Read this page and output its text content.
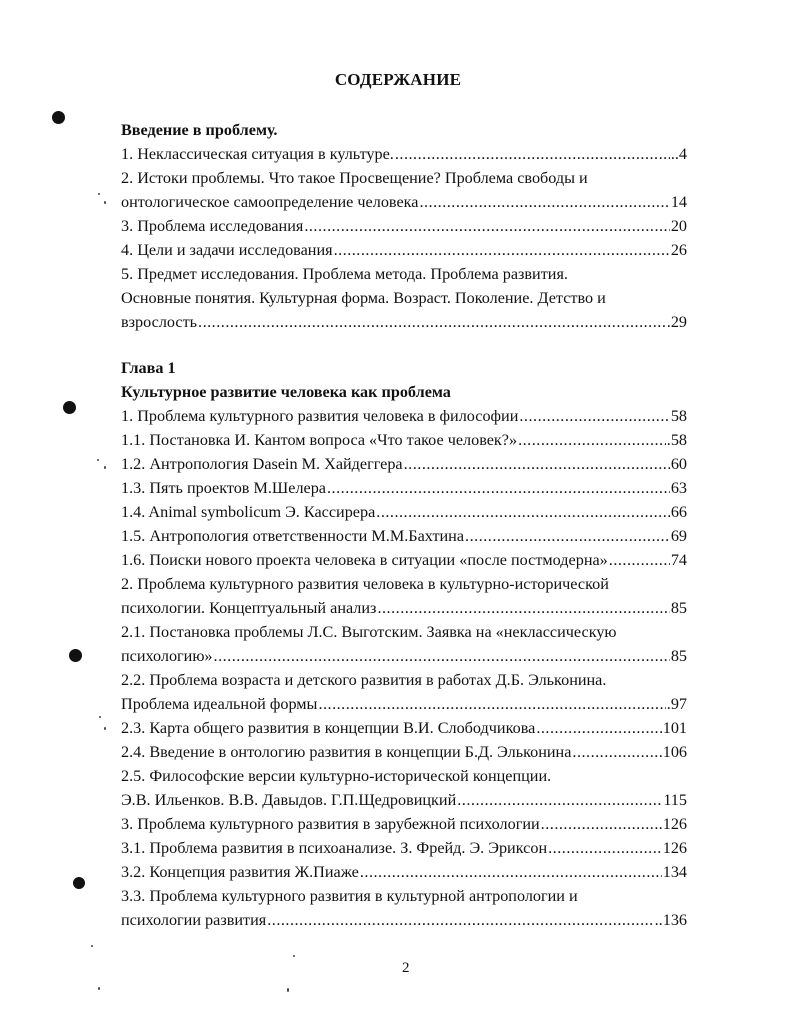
СОДЕРЖАНИЕ
Введение в проблему.
1. Неклассическая ситуация в культуре. .....	..4
2. Истоки проблемы. Что такое Просвещение? Проблема свободы и
онтологическое самоопределение человека .....	14
3. Проблема исследования .....	20
4. Цели и задачи исследования .....	26
5. Предмет исследования. Проблема метода. Проблема развития.
Основные понятия. Культурная форма. Возраст. Поколение. Детство и
взрослость .....	.29
Глава 1
Культурное развитие человека как проблема
1. Проблема культурного развития человека в философии .....	58
1.1. Постановка И. Кантом вопроса «Что такое человек?» .....	.58
1.2. Антропология Dasein М. Хайдеггера .....	60
1.3. Пять проектов М.Шелера .....	63
1.4. Animal symbolicum Э. Кассирера .....	66
1.5. Антропология ответственности М.М.Бахтина .....	69
1.6. Поиски нового проекта человека в ситуации «после постмодерна» .....	74
2. Проблема культурного развития человека в культурно-исторической
психологии. Концептуальный анализ .....	85
2.1. Постановка проблемы Л.С. Выготским. Заявка на «неклассическую
психологию» .....	85
2.2. Проблема возраста и детского развития в работах Д.Б. Эльконина.
Проблема идеальной формы .....	.97
2.3. Карта общего развития в концепции В.И. Слободчикова .....	101
2.4. Введение в онтологию развития в концепции Б.Д. Эльконина .....	106
2.5. Философские версии культурно-исторической концепции.
Э.В. Ильенков. В.В. Давыдов. Г.П.Щедровицкий .....	115
3. Проблема культурного развития в зарубежной психологии .....	.126
3.1. Проблема развития в психоанализе. З. Фрейд. Э. Эриксон .....	126
3.2. Концепция развития Ж.Пиаже .....	134
3.3. Проблема культурного развития в культурной антропологии и
психологии развития .....	..136
2
